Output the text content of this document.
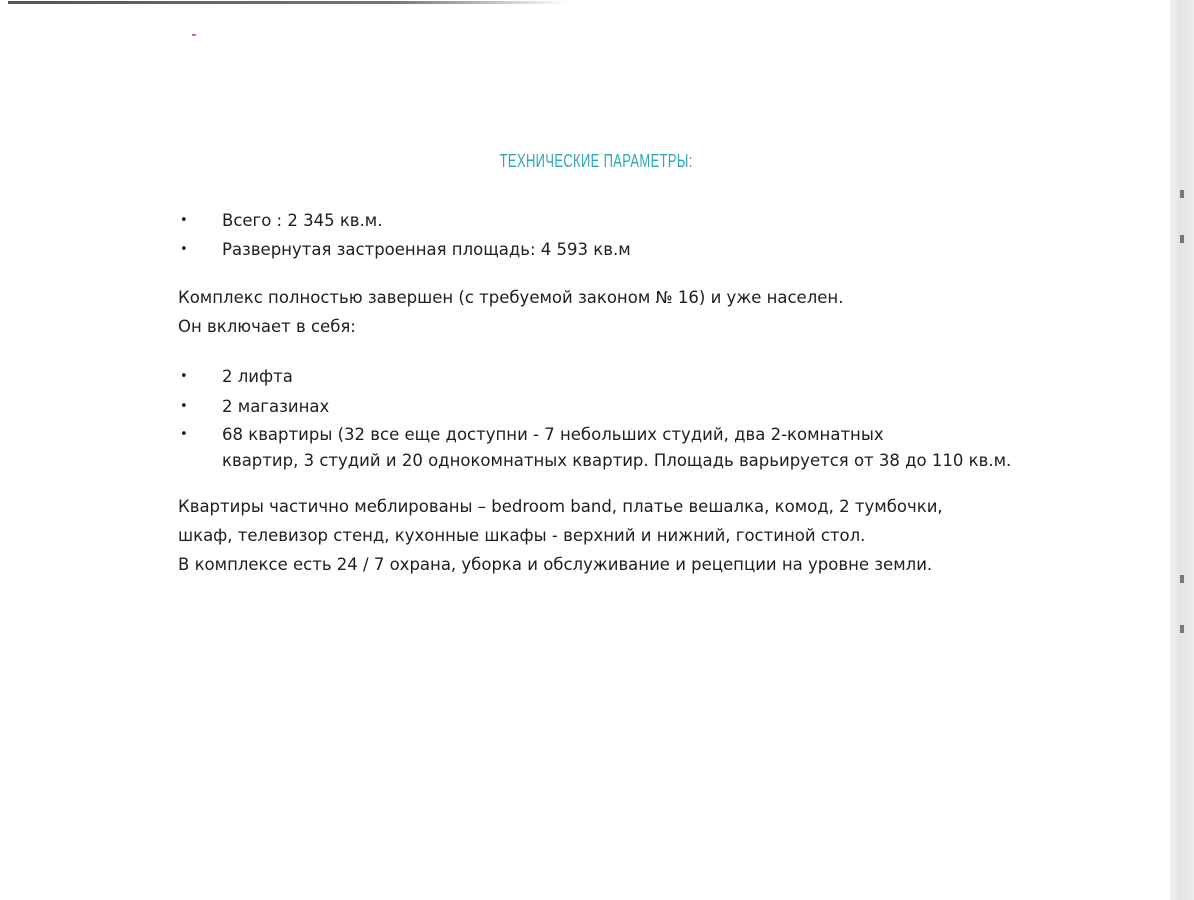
ТЕХНИЧЕСКИЕ ПАРАМЕТРЫ:
• Всего : 2 345 кв.м.
• Развернутая застроенная площадь: 4 593 кв.м

Комплекс полностью завершен (с требуемой законом № 16) и уже населен.

Он включает в себя:

• 2 лифта
• 2 магазинах
• 68 квартиры (32 все еще доступни - 7 небольших студий, два 2-комнатных
квартир, 3 студий и 20 однокомнатных квартир. Площадь варьируется от 38 до 110 кв.м.

Квартиры частично меблированы – bedroom band, платье вешалка, комод, 2 тумбочки,

шкаф, телевизор стенд, кухонные шкафы - верхний и нижний, гостиной стол.

В комплексе есть 24 / 7 охрана, уборка и обслуживание и рецепции на уровне земли.
